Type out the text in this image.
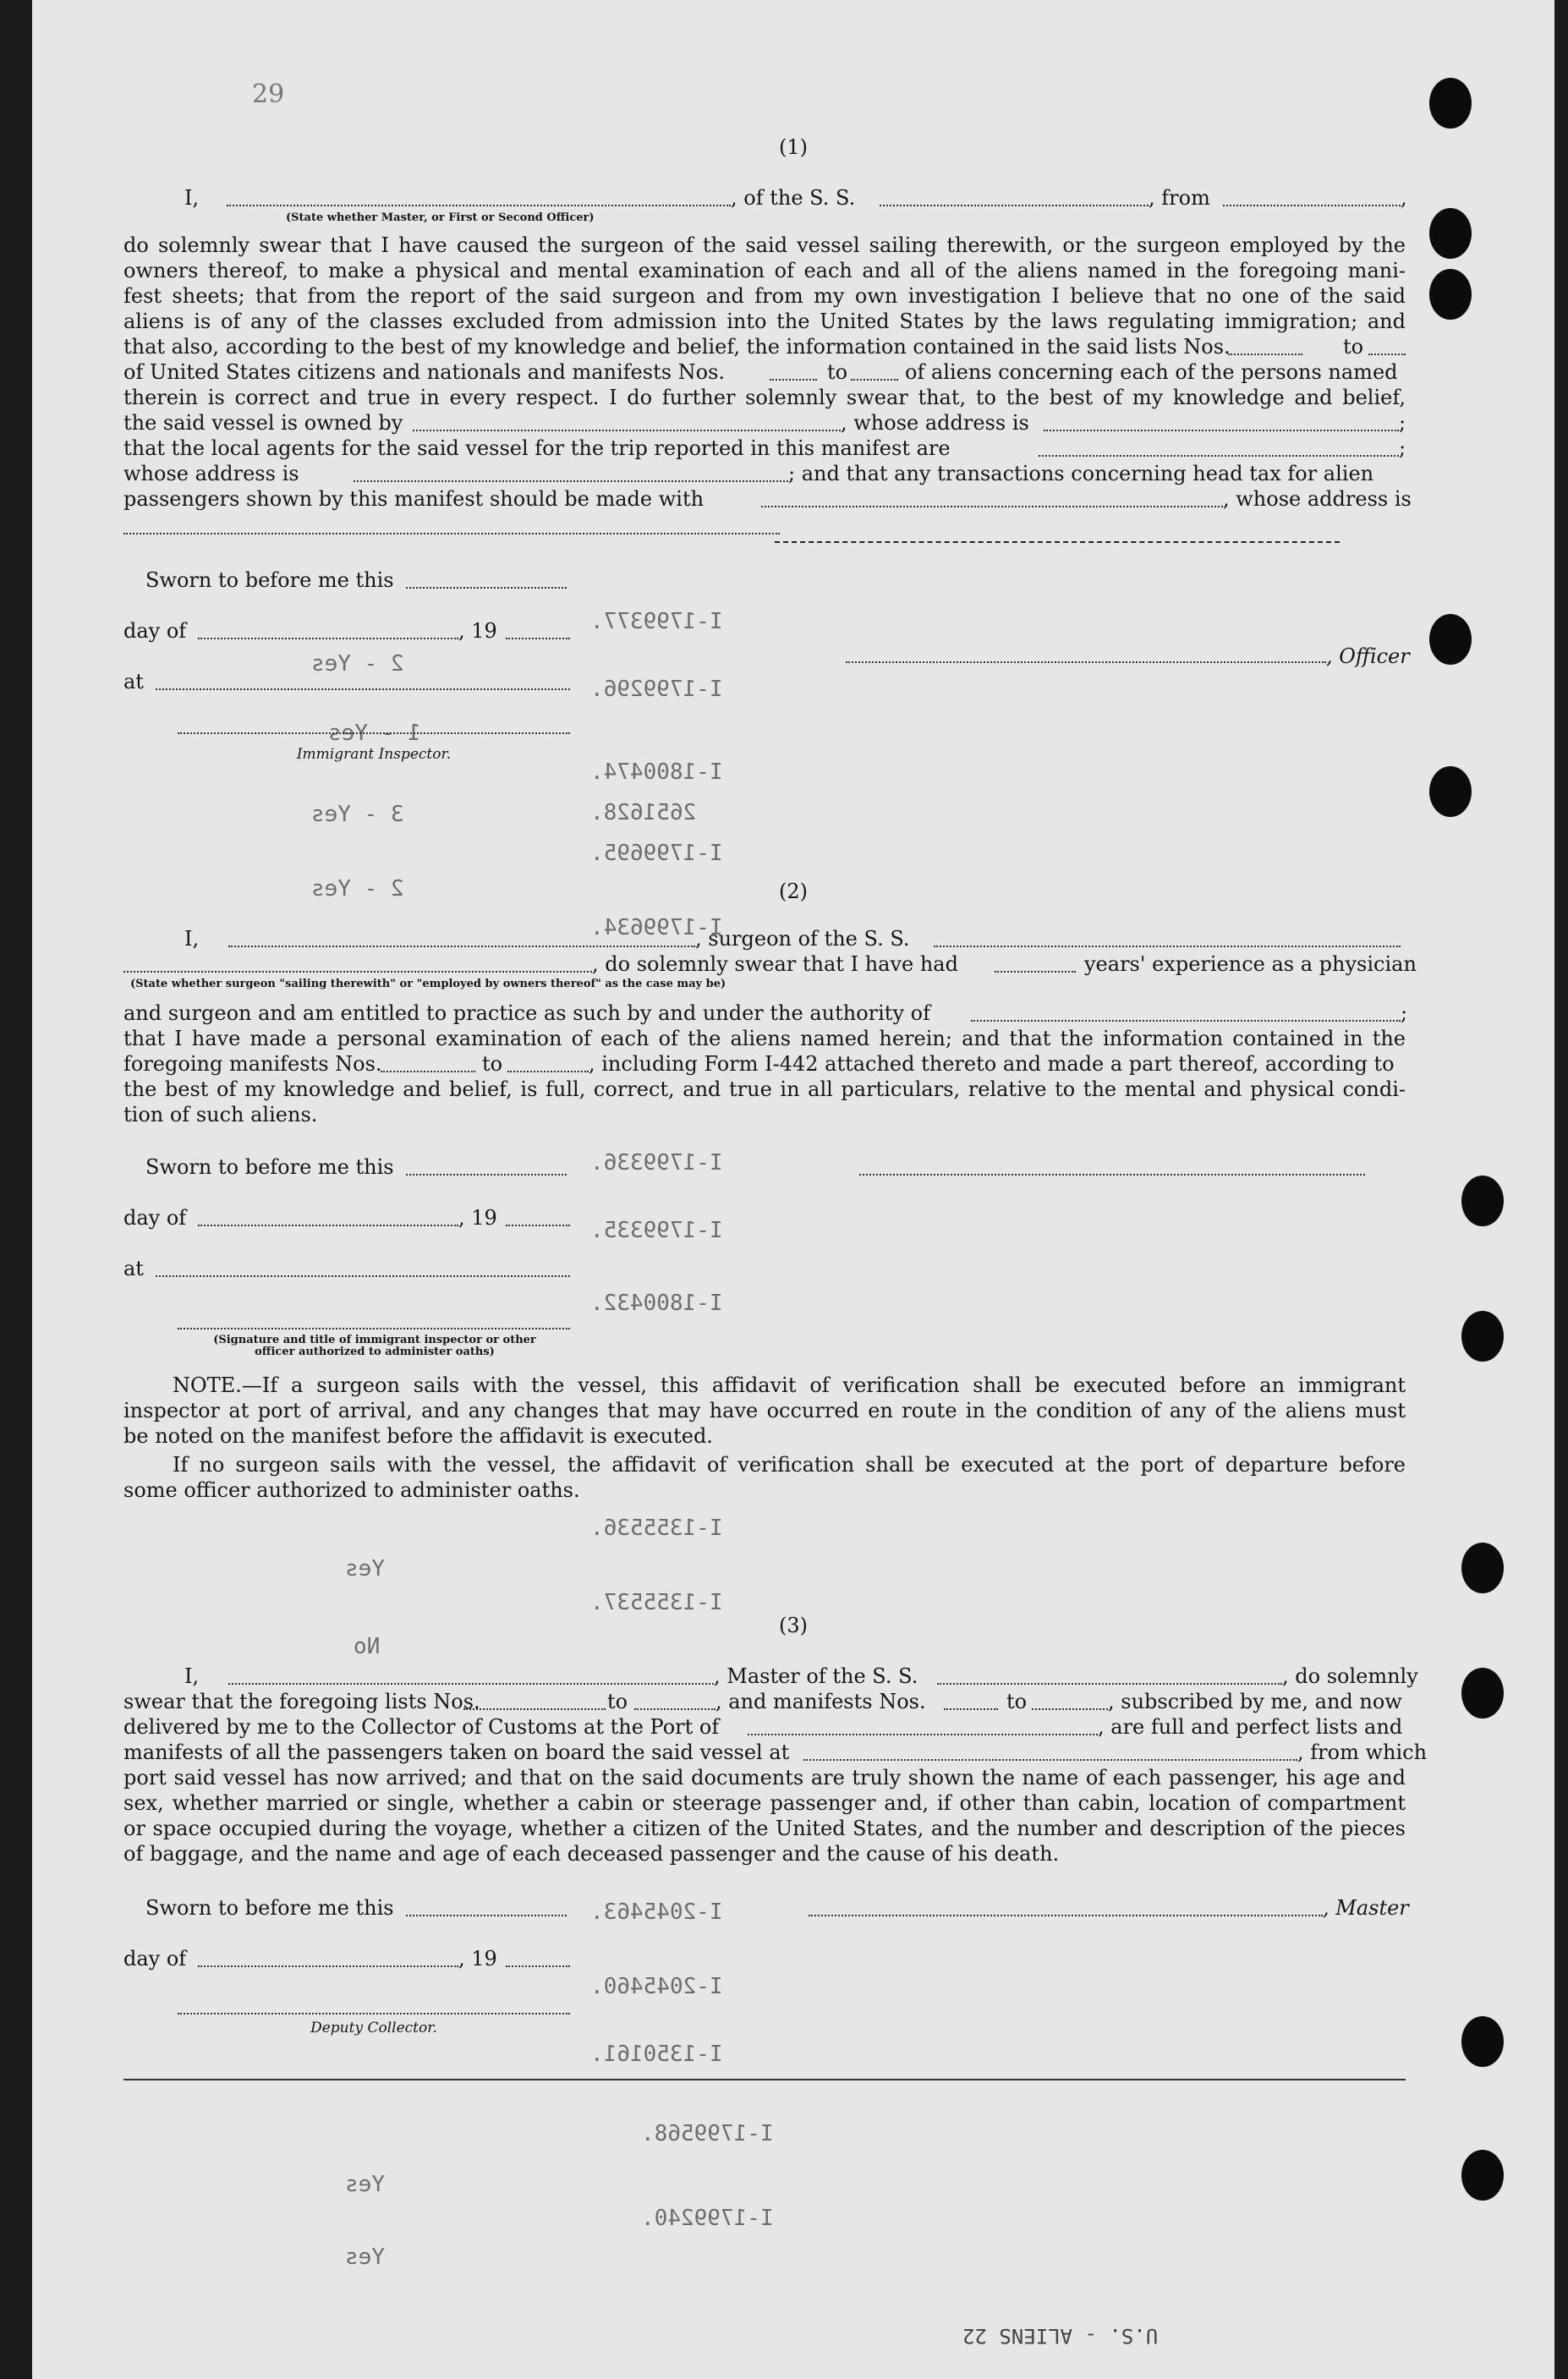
29
I-1799377.
2 - Yes
I-1799296.
1 - Yes
I-1800474.
2651628.
3 - Yes
I-1799695.
2 - Yes
I-1799634.
I-1799336.
I-1799335.
I-1800432.
I-1355536.
Yes
I-1355537.
No
I-2045463.
I-2045460.
I-1350161.
I-1799568.
Yes
I-1799240.
Yes
U.S. - ALIENS 22
(1)
I,
(State whether Master, or First or Second Officer)
, of the S. S.	, from	,
do solemnly swear that I have caused the surgeon of the said vessel sailing therewith, or the surgeon employed by the
owners thereof, to make a physical and mental examination of each and all of the aliens named in the foregoing mani-
fest sheets; that from the report of the said surgeon and from my own investigation I believe that no one of the said
aliens is of any of the classes excluded from admission into the United States by the laws regulating immigration; and
that also, according to the best of my knowledge and belief, the information contained in the said lists Nos.	to
of United States citizens and nationals and manifests Nos.	to	of aliens concerning each of the persons named
therein is correct and true in every respect. I do further solemnly swear that, to the best of my knowledge and belief,
the said vessel is owned by	, whose address is	;
that the local agents for the said vessel for the trip reported in this manifest are	;
whose address is	; and that any transactions concerning head tax for alien
passengers shown by this manifest should be made with	, whose address is
Sworn to before me this
day of	, 19
at
, Officer
Immigrant Inspector.
(2)
I,	, surgeon of the S. S.
, do solemnly swear that I have had	years' experience as a physician
(State whether surgeon "sailing therewith" or "employed by owners thereof" as the case may be)
and surgeon and am entitled to practice as such by and under the authority of	;
that I have made a personal examination of each of the aliens named herein; and that the information contained in the
foregoing manifests Nos.	to	, including Form I-442 attached thereto and made a part thereof, according to
the best of my knowledge and belief, is full, correct, and true in all particulars, relative to the mental and physical condi-
tion of such aliens.
Sworn to before me this
day of	, 19
at
(Signature and title of immigrant inspector or other officer authorized to administer oaths)
NOTE.—If a surgeon sails with the vessel, this affidavit of verification shall be executed before an immigrant
inspector at port of arrival, and any changes that may have occurred en route in the condition of any of the aliens must
be noted on the manifest before the affidavit is executed.
If no surgeon sails with the vessel, the affidavit of verification shall be executed at the port of departure before
some officer authorized to administer oaths.
(3)
I,	, Master of the S. S.	, do solemnly
swear that the foregoing lists Nos.	to	, and manifests Nos.	to	, subscribed by me, and now
delivered by me to the Collector of Customs at the Port of	, are full and perfect lists and
manifests of all the passengers taken on board the said vessel at	, from which
port said vessel has now arrived; and that on the said documents are truly shown the name of each passenger, his age and
sex, whether married or single, whether a cabin or steerage passenger and, if other than cabin, location of compartment
or space occupied during the voyage, whether a citizen of the United States, and the number and description of the pieces
of baggage, and the name and age of each deceased passenger and the cause of his death.
Sworn to before me this	, Master
day of	, 19
Deputy Collector.
